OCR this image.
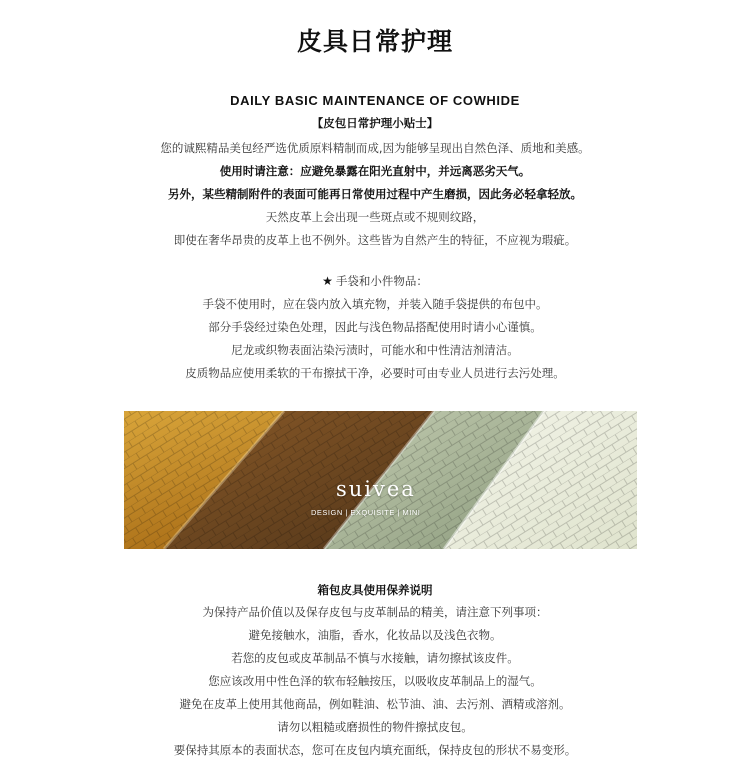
皮具日常护理
DAILY BASIC MAINTENANCE OF COWHIDE
【皮包日常护理小贴士】
您的诚熙精品美包经严选优质原料精制而成,因为能够呈现出自然色泽、质地和美感。
使用时请注意：应避免暴露在阳光直射中，并远离恶劣天气。
另外，某些精制附件的表面可能再日常使用过程中产生磨损，因此务必轻拿轻放。
天然皮革上会出现一些斑点或不规则纹路，
即使在奢华昂贵的皮革上也不例外。这些皆为自然产生的特征，不应视为瑕疵。
★ 手袋和小件物品：
手袋不使用时，应在袋内放入填充物，并装入随手袋提供的布包中。
部分手袋经过染色处理，因此与浅色物品搭配使用时请小心谨慎。
尼龙或织物表面沾染污渍时，可能水和中性清洁剂清洁。
皮质物品应使用柔软的干布擦拭干净，必要时可由专业人员进行去污处理。
suivea
DESIGN | EXQUISITE | MINI
箱包皮具使用保养说明
为保持产品价值以及保存皮包与皮革制品的精美，请注意下列事项：
避免接触水，油脂，香水，化妆品以及浅色衣物。
若您的皮包或皮革制品不慎与水接触，请勿擦拭该皮件。
您应该改用中性色泽的软布轻触按压，以吸收皮革制品上的湿气。
避免在皮革上使用其他商品，例如鞋油、松节油、油、去污剂、酒精或溶剂。
请勿以粗糙或磨损性的物件擦拭皮包。
要保持其原本的表面状态，您可在皮包内填充面纸，保持皮包的形状不易变形。
